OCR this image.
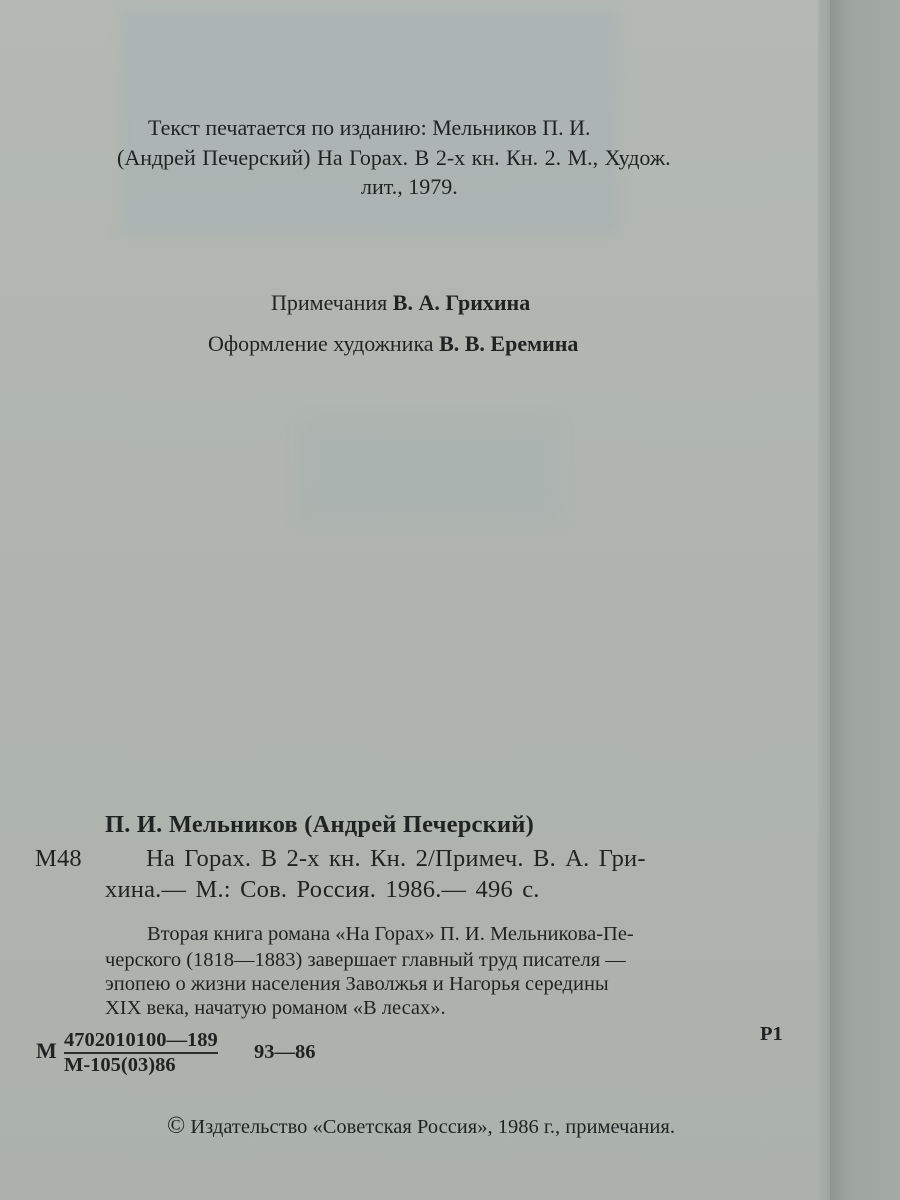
Текст печатается по изданию: Мельников П. И.
(Андрей Печерский) На Горах. В 2-х кн. Кн. 2. М., Худож.
лит., 1979.
Примечания В. А. Грихина
Оформление художника В. В. Еремина
П. И. Мельников (Андрей Печерский)
М48	На Горах. В 2-х кн. Кн. 2/Примеч. В. А. Гри-
хина.— М.: Сов. Россия. 1986.— 496 с.
Вторая книга романа «На Горах» П. И. Мельникова-Пе-
черского (1818—1883) завершает главный труд писателя —
эпопею о жизни населения Заволжья и Нагорья середины
XIX века, начатую романом «В лесах».
М 4702010100—189
М-105(03)86
93—86
Р1
© Издательство «Советская Россия», 1986 г., примечания.
